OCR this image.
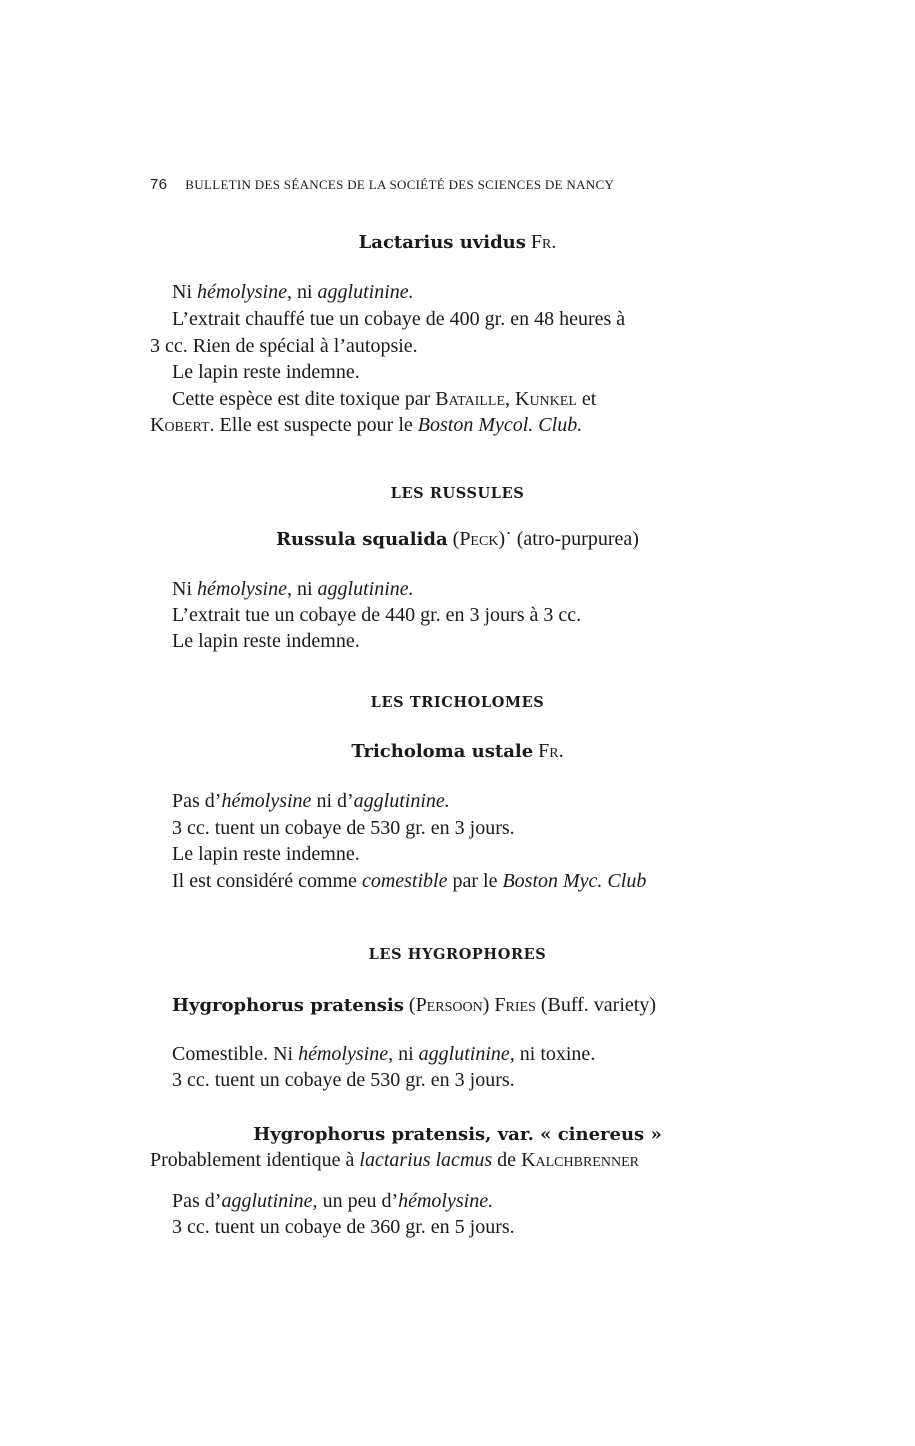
76 BULLETIN DES SÉANCES DE LA SOCIÉTÉ DES SCIENCES DE NANCY
Lactarius uvidus Fr.
Ni hémolysine, ni agglutinine.
L’extrait chauffé tue un cobaye de 400 gr. en 48 heures à
3 cc. Rien de spécial à l’autopsie.
Le lapin reste indemne.
Cette espèce est dite toxique par Bataille, Kunkel et
Kobert. Elle est suspecte pour le Boston Mycol. Club.
LES RUSSULES
Russula squalida (Peck)˙ (atro-purpurea)
Ni hémolysine, ni agglutinine.
L’extrait tue un cobaye de 440 gr. en 3 jours à 3 cc.
Le lapin reste indemne.
LES TRICHOLOMES
Tricholoma ustale Fr.
Pas d’hémolysine ni d’agglutinine.
3 cc. tuent un cobaye de 530 gr. en 3 jours.
Le lapin reste indemne.
Il est considéré comme comestible par le Boston Myc. Club
LES HYGROPHORES
Hygrophorus pratensis (Persoon) Fries (Buff. variety)
Comestible. Ni hémolysine, ni agglutinine, ni toxine.
3 cc. tuent un cobaye de 530 gr. en 3 jours.
Hygrophorus pratensis, var. « cinereus »
Probablement identique à lactarius lacmus de Kalchbrenner
Pas d’agglutinine, un peu d’hémolysine.
3 cc. tuent un cobaye de 360 gr. en 5 jours.
